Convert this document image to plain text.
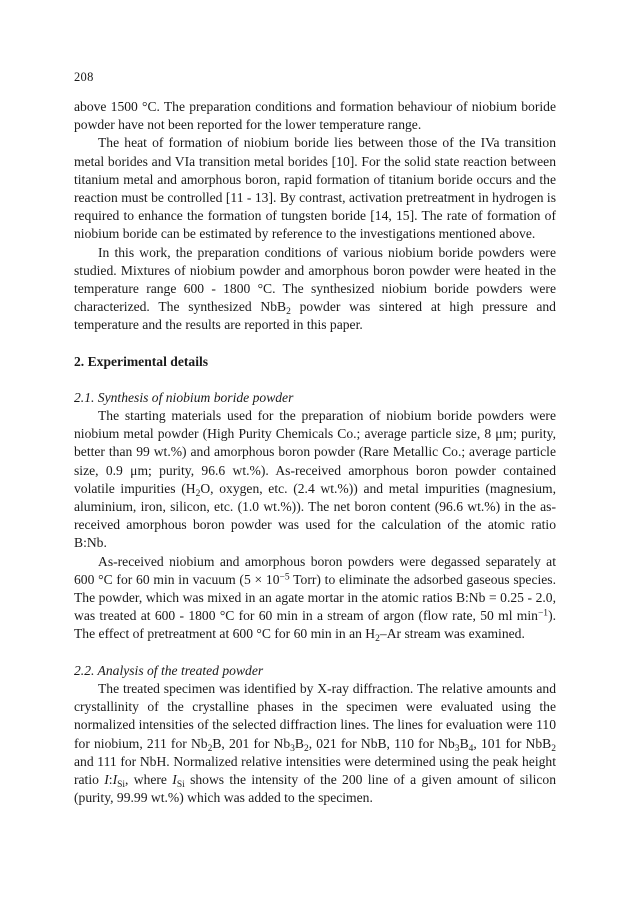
208

above 1500 °C. The preparation conditions and formation behaviour of niobium boride powder have not been reported for the lower temperature range.

The heat of formation of niobium boride lies between those of the IVa transition metal borides and VIa transition metal borides [10]. For the solid state reaction between titanium metal and amorphous boron, rapid formation of titanium boride occurs and the reaction must be controlled [11 - 13]. By contrast, activation pretreatment in hydrogen is required to enhance the formation of tungsten boride [14, 15]. The rate of formation of niobium boride can be estimated by reference to the investigations mentioned above.

In this work, the preparation conditions of various niobium boride powders were studied. Mixtures of niobium powder and amorphous boron powder were heated in the temperature range 600 - 1800 °C. The synthesized niobium boride powders were characterized. The synthesized NbB$_2$ powder was sintered at high pressure and temperature and the results are reported in this paper.

2. Experimental details
2.1. Synthesis of niobium boride powder

The starting materials used for the preparation of niobium boride powders were niobium metal powder (High Purity Chemicals Co.; average particle size, 8 μm; purity, better than 99 wt.%) and amorphous boron powder (Rare Metallic Co.; average particle size, 0.9 μm; purity, 96.6 wt.%). As-received amorphous boron powder contained volatile impurities ($H_2O$, oxygen, etc. (2.4 wt.%)) and metal impurities (magnesium, aluminium, iron, silicon, etc. (1.0 wt.%)). The net boron content (96.6 wt.%) in the as-received amorphous boron powder was used for the calculation of the atomic ratio B:Nb.

As-received niobium and amorphous boron powders were degassed separately at 600 °C for 60 min in vacuum ($5 \times 10^{-5}$ Torr) to eliminate the adsorbed gaseous species. The powder, which was mixed in an agate mortar in the atomic ratios B:Nb = 0.25 - 2.0, was treated at 600 - 1800 °C for 60 min in a stream of argon (flow rate, 50 ml $\min^{-1}$). The effect of pretreatment at 600 °C for 60 min in an $H_2-Ar$ stream was examined.

2.2. Analysis of the treated powder

The treated specimen was identified by X-ray diffraction. The relative amounts and crystallinity of the crystalline phases in the specimen were evaluated using the normalized intensities of the selected diffraction lines. The lines for evaluation were 110 for niobium, 211 for $Nb_2B$, 201 for $Nb_3B_2$, 021 for NbB, 110 for $Nb_3B_4$, 101 for NbB$_2$ and 111 for NbH. Normalized relative intensities were determined using the peak height ratio $I:I_{Si}$, where $I_{Si}$ shows the intensity of the 200 line of a given amount of silicon (purity, 99.99 wt.%) which was added to the specimen.
